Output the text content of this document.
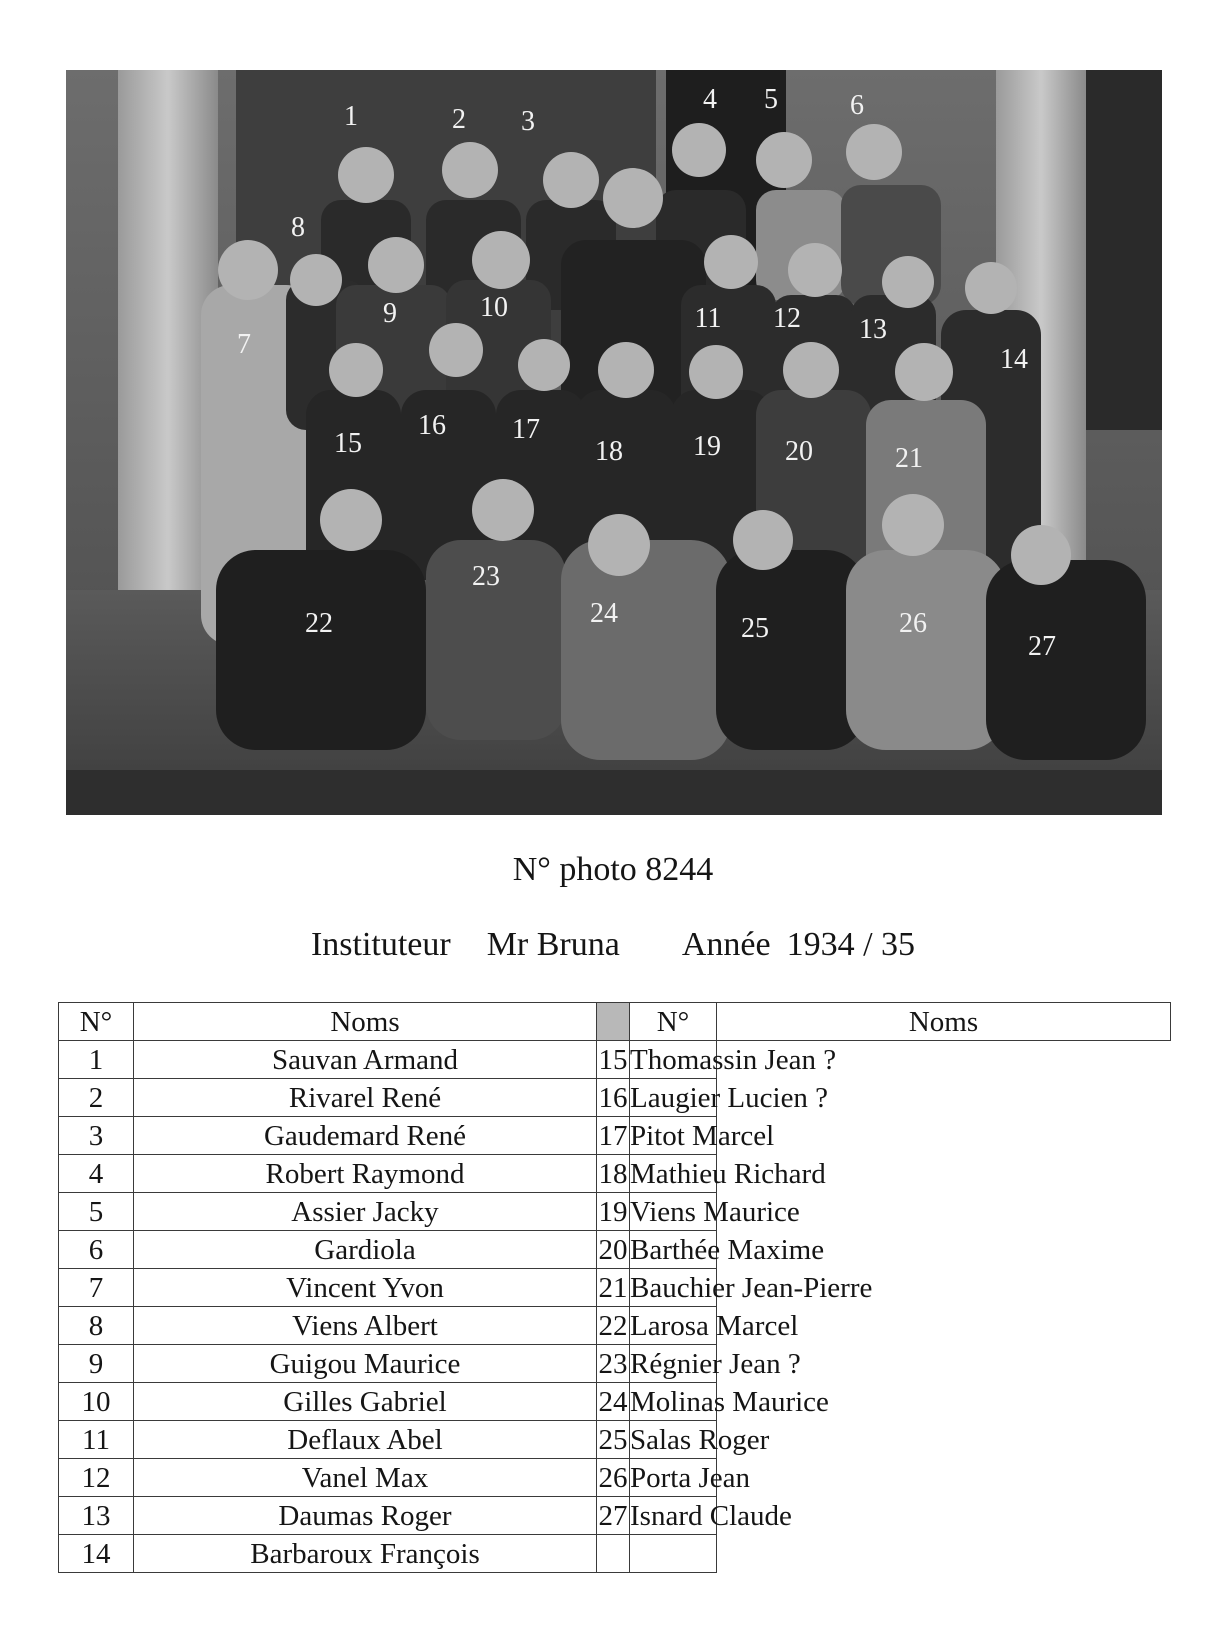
1	2 3
4 5	6
7
8
9	10	11 12 13
14
15
16 17
18	19 20	21
22
23
24	25	26
27
N° photo 8244
Instituteur Mr Bruna Année 1934 / 35
N°	Noms		N°	Noms
1	Sauvan Armand	15	Thomassin Jean ?	
2	Rivarel René	16	Laugier Lucien ?	
3	Gaudemard René	17	Pitot Marcel	
4	Robert Raymond	18	Mathieu Richard	
5	Assier Jacky	19	Viens Maurice	
6	Gardiola	20	Barthée Maxime	
7	Vincent Yvon	21	Bauchier Jean-Pierre	
8	Viens Albert	22	Larosa Marcel	
9	Guigou Maurice	23	Régnier Jean ?	
10	Gilles Gabriel	24	Molinas Maurice	
11	Deflaux Abel	25	Salas Roger	
12	Vanel Max	26	Porta Jean	
13	Daumas Roger	27	Isnard Claude	
14	Barbaroux François			
